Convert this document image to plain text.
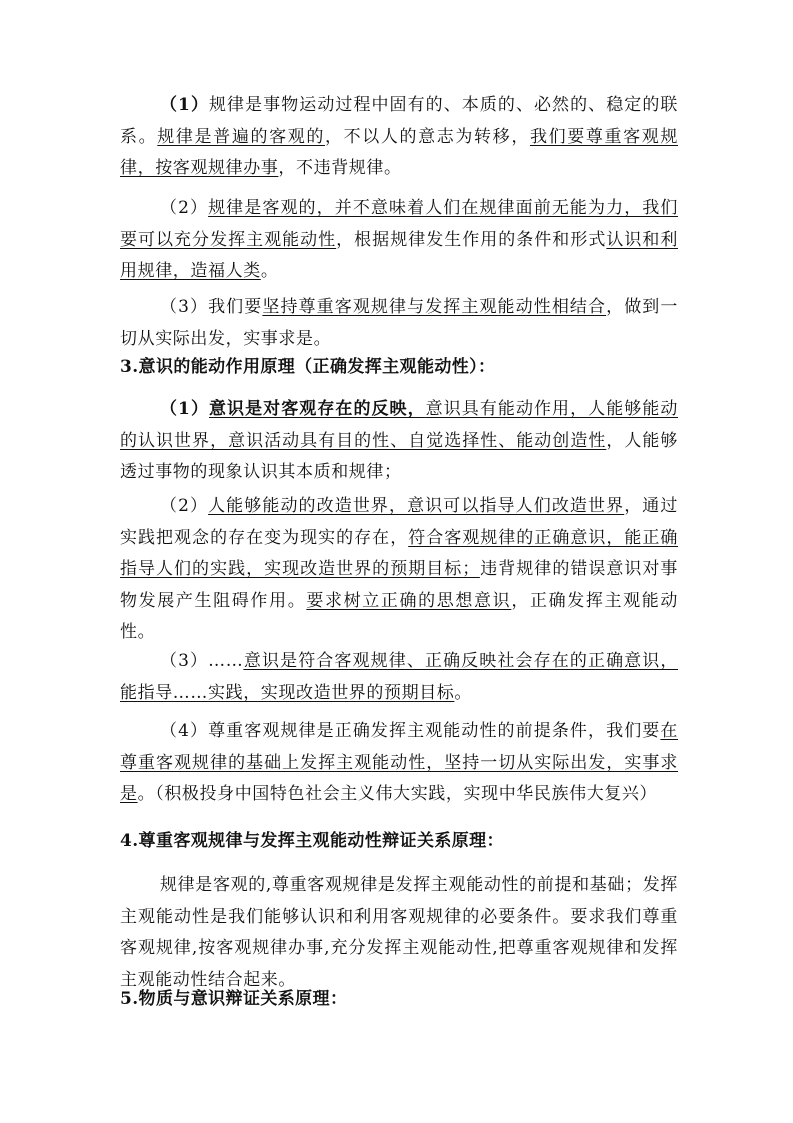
（1）规律是事物运动过程中固有的、本质的、必然的、稳定的联系。规律是普遍的客观的，不以人的意志为转移，我们要尊重客观规律，按客观规律办事，不违背规律。
（2）规律是客观的，并不意味着人们在规律面前无能为力，我们要可以充分发挥主观能动性，根据规律发生作用的条件和形式认识和利用规律，造福人类。
（3）我们要坚持尊重客观规律与发挥主观能动性相结合，做到一切从实际出发，实事求是。
3.意识的能动作用原理（正确发挥主观能动性）：
（1）意识是对客观存在的反映，意识具有能动作用，人能够能动的认识世界，意识活动具有目的性、自觉选择性、能动创造性，人能够透过事物的现象认识其本质和规律；
（2）人能够能动的改造世界，意识可以指导人们改造世界，通过实践把观念的存在变为现实的存在，符合客观规律的正确意识，能正确指导人们的实践，实现改造世界的预期目标；违背规律的错误意识对事物发展产生阻碍作用。要求树立正确的思想意识，正确发挥主观能动性。
（3）……意识是符合客观规律、正确反映社会存在的正确意识，能指导……实践，实现改造世界的预期目标。
（4）尊重客观规律是正确发挥主观能动性的前提条件，我们要在尊重客观规律的基础上发挥主观能动性，坚持一切从实际出发，实事求是。（积极投身中国特色社会主义伟大实践，实现中华民族伟大复兴）
4.尊重客观规律与发挥主观能动性辩证关系原理：
规律是客观的,尊重客观规律是发挥主观能动性的前提和基础；发挥主观能动性是我们能够认识和利用客观规律的必要条件。要求我们尊重客观规律,按客观规律办事,充分发挥主观能动性,把尊重客观规律和发挥主观能动性结合起来。
5.物质与意识辩证关系原理：
